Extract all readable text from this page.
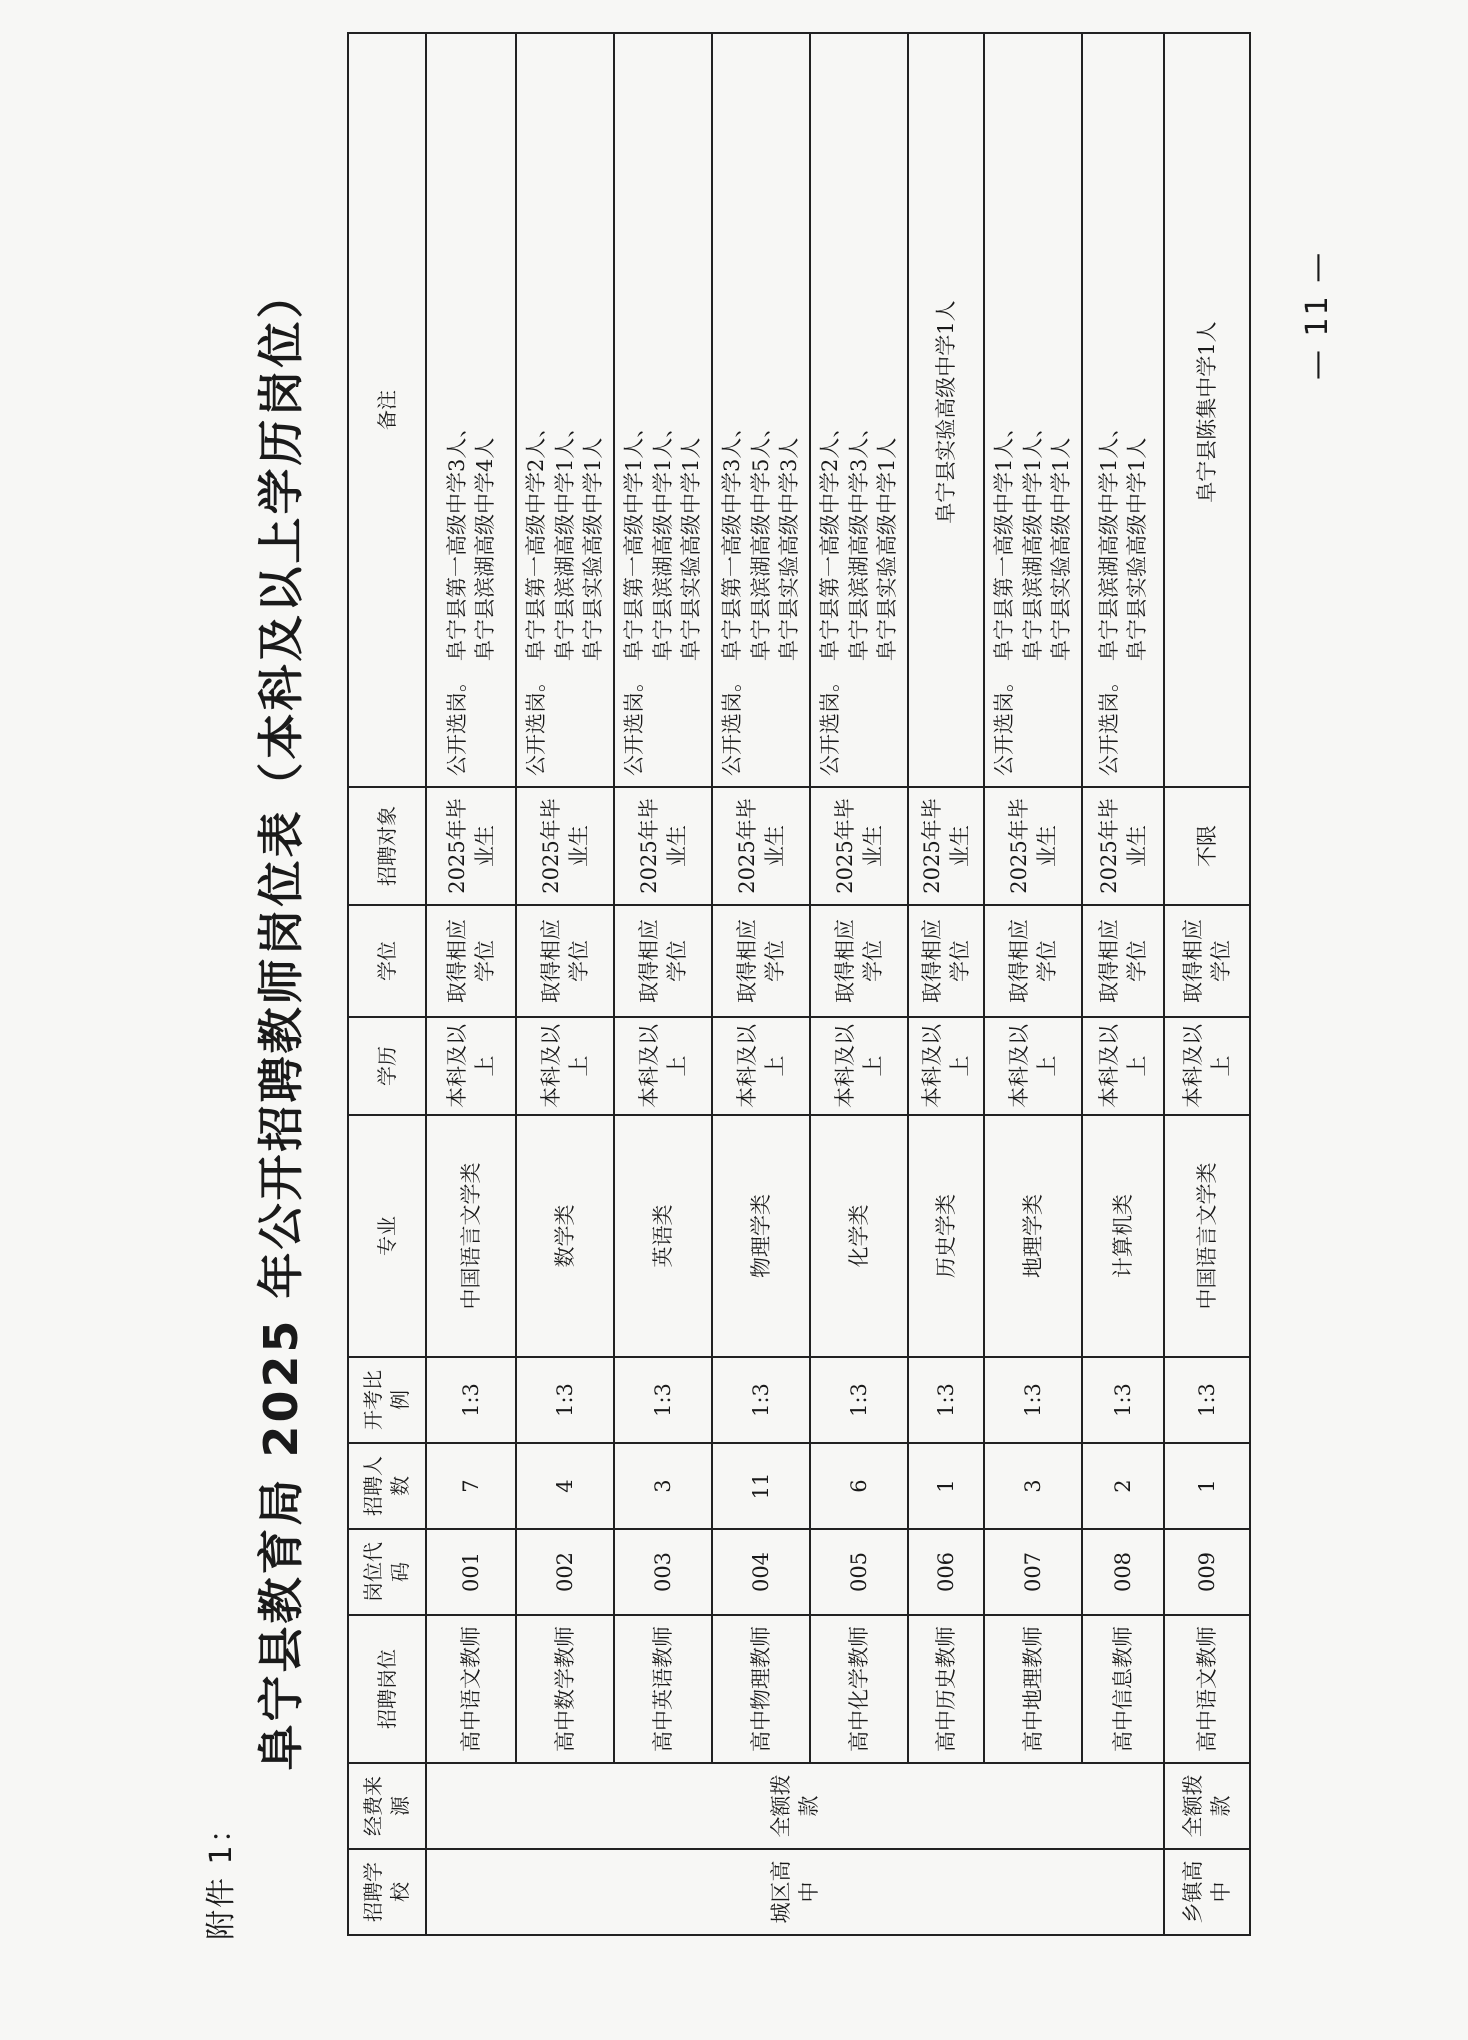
附件 1：
阜宁县教育局 2025 年公开招聘教师岗位表（本科及以上学历岗位）
招聘学校	经费来源	招聘岗位	岗位代码	招聘人数	开考比例	专业	学历	学位	招聘对象	备注
城区高中	全额拨款	高中语文教师	001	7	1:3	中国语言文学类	本科及以上	取得相应学位	2025年毕业生	公开选岗。
阜宁县第一高级中学3人、 阜宁县滨湖高级中学4人

		高中数学教师	002	4	1:3	数学类	本科及以上	取得相应学位	2025年毕业生	公开选岗。
阜宁县第一高级中学2人、 阜宁县滨湖高级中学1人、 阜宁县实验高级中学1人

		高中英语教师	003	3	1:3	英语类	本科及以上	取得相应学位	2025年毕业生	公开选岗。
阜宁县第一高级中学1人、 阜宁县滨湖高级中学1人、 阜宁县实验高级中学1人

		高中物理教师	004	11	1:3	物理学类	本科及以上	取得相应学位	2025年毕业生	公开选岗。
阜宁县第一高级中学3人、 阜宁县滨湖高级中学5人、 阜宁县实验高级中学3人

		高中化学教师	005	6	1:3	化学类	本科及以上	取得相应学位	2025年毕业生	公开选岗。
阜宁县第一高级中学2人、 阜宁县滨湖高级中学3人、 阜宁县实验高级中学1人

		高中历史教师	006	1	1:3	历史学类	本科及以上	取得相应学位	2025年毕业生	阜宁县实验高级中学1人

		高中地理教师	007	3	1:3	地理学类	本科及以上	取得相应学位	2025年毕业生	公开选岗。
阜宁县第一高级中学1人、 阜宁县滨湖高级中学1人、 阜宁县实验高级中学1人

		高中信息教师	008	2	1:3	计算机类	本科及以上	取得相应学位	2025年毕业生	公开选岗。
阜宁县滨湖高级中学1人、 阜宁县实验高级中学1人

乡镇高中	全额拨款	高中语文教师	009	1	1:3	中国语言文学类	本科及以上	取得相应学位	不限	阜宁县陈集中学1人
— 11 —
